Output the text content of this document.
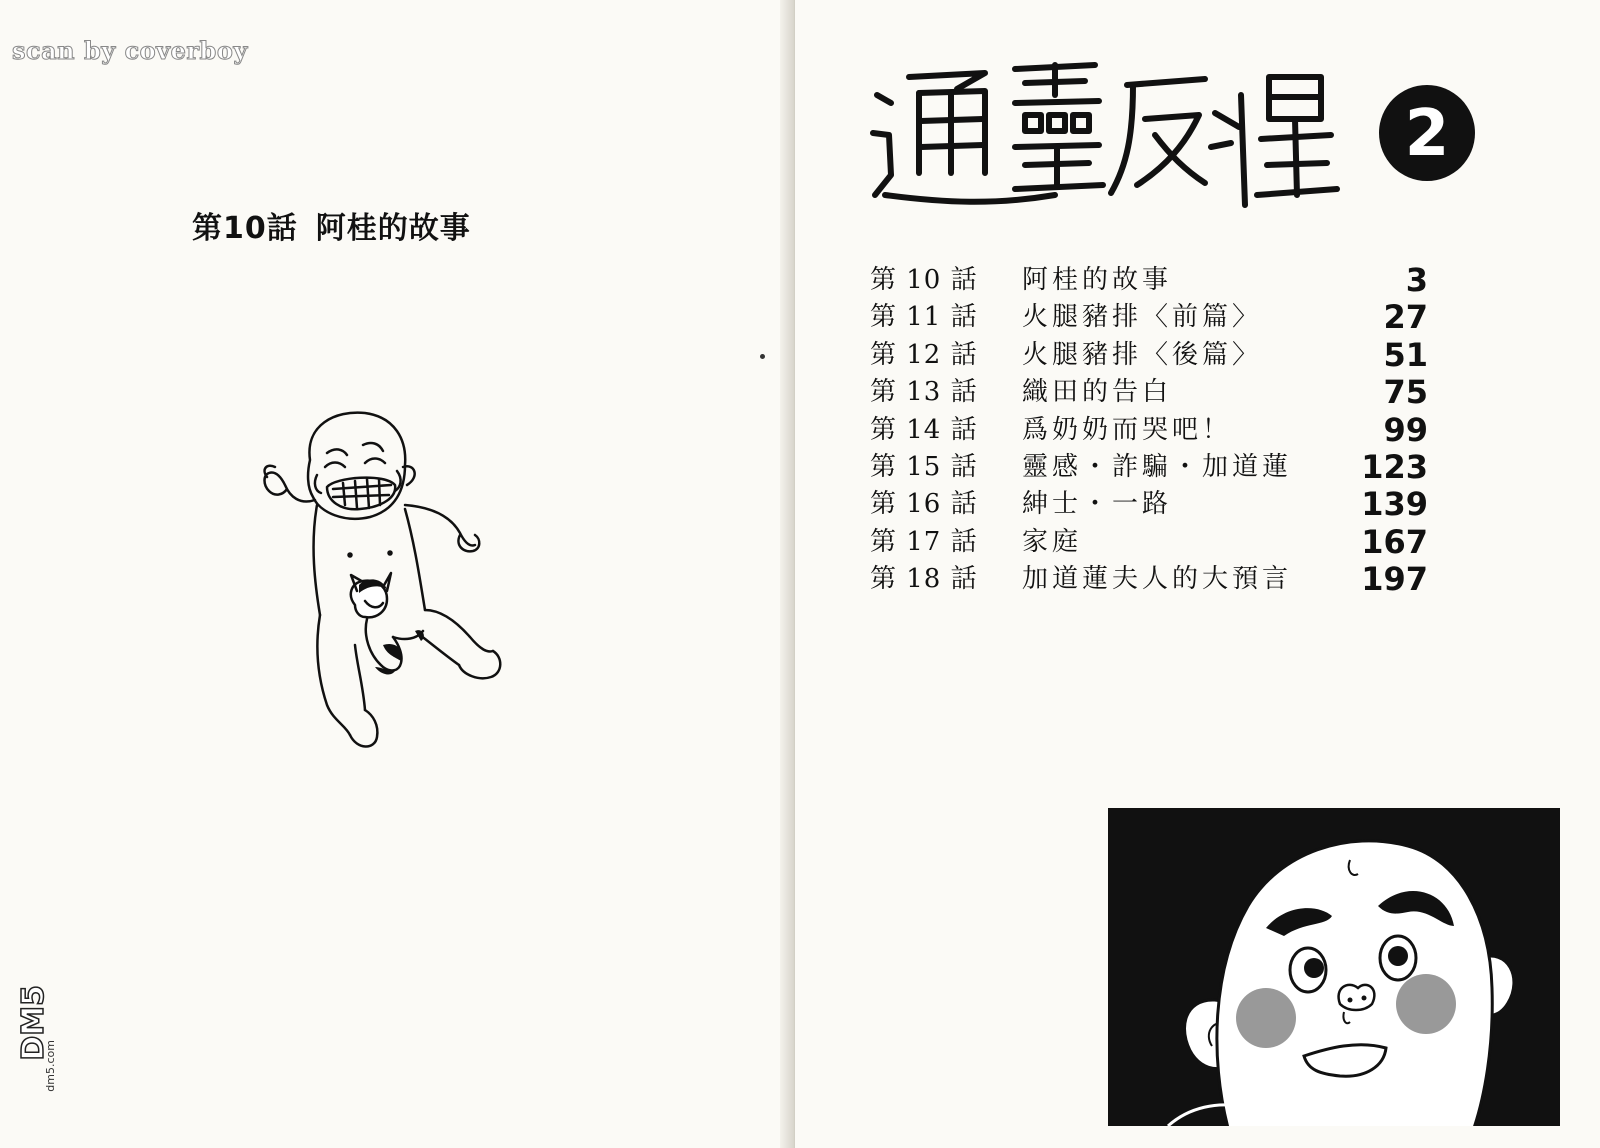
scan by coverboy
第10話 阿桂的故事
DM5
dm5.com
2
第 10 話 阿桂的故事	3
第 11 話 火腿豬排〈前篇〉	27
第 12 話 火腿豬排〈後篇〉	51
第 13 話 織田的告白	75
第 14 話 爲奶奶而哭吧！	99
第 15 話 靈感・詐騙・加道蓮 123
第 16 話 紳士・一路	139
第 17 話 家庭	167
第 18 話 加道蓮夫人的大預言 197
